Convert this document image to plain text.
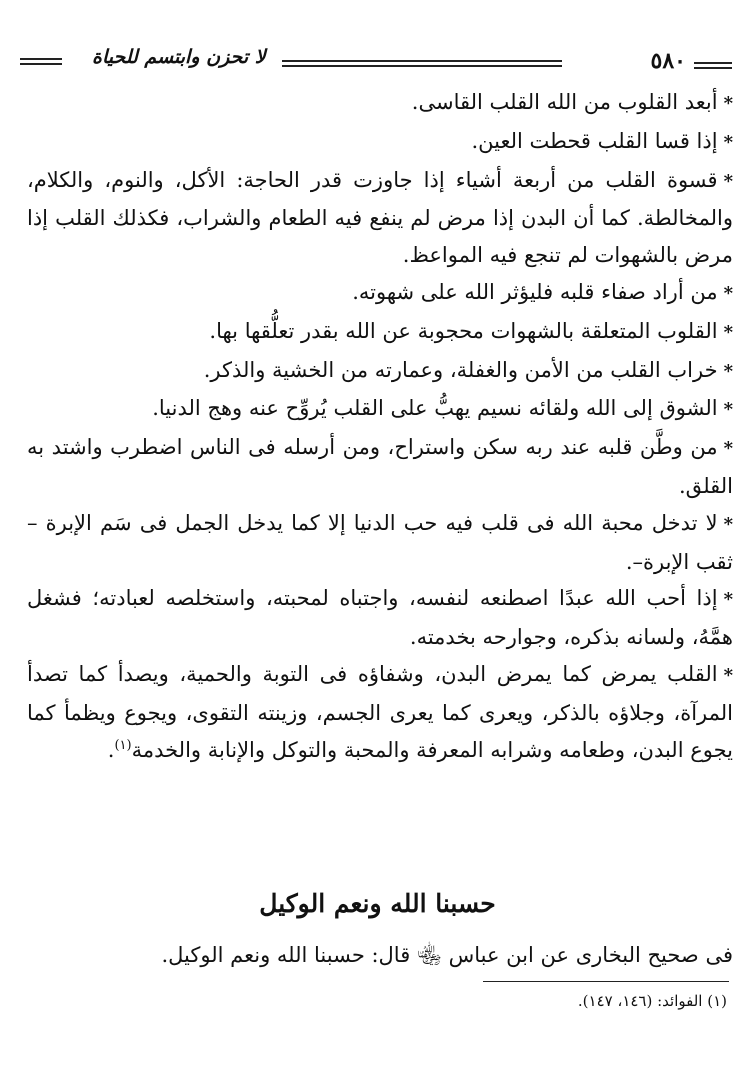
لا تحزن وابتسم للحياة	٥٨٠

*أبعد القلوب من الله القلب القاسى.

*إذا قسا القلب قحطت العين.

*قسوة القلب من أربعة أشياء إذا جاوزت قدر الحاجة: الأكل، والنوم، والكلام، والمخالطة. كما أن البدن إذا مرض لم ينفع فيه الطعام والشراب، فكذلك القلب إذا مرض بالشهوات لم تنجع فيه المواعظ.

*من أراد صفاء قلبه فليؤثر الله على شهوته.

*القلوب المتعلقة بالشهوات محجوبة عن الله بقدر تعلُّقها بها.

*خراب القلب من الأمن والغفلة، وعمارته من الخشية والذكر.

*الشوق إلى الله ولقائه نسيم يهبُّ على القلب يُروِّح عنه وهج الدنيا.

*من وطَّن قلبه عند ربه سكن واستراح، ومن أرسله فى الناس اضطرب واشتد به القلق.

*لا تدخل محبة الله فى قلب فيه حب الدنيا إلا كما يدخل الجمل فى سَم الإبرة – ثقب الإبرة–.

*إذا أحب الله عبدًا اصطنعه لنفسه، واجتباه لمحبته، واستخلصه لعبادته؛ فشغل همَّهُ، ولسانه بذكره، وجوارحه بخدمته.

*القلب يمرض كما يمرض البدن، وشفاؤه فى التوبة والحمية، ويصدأ كما تصدأ المرآة، وجلاؤه بالذكر، ويعرى كما يعرى الجسم، وزينته التقوى، ويجوع ويظمأ كما يجوع البدن، وطعامه وشرابه المعرفة والمحبة والتوكل والإنابة والخدمة$^{(١)}$.

حسبنا الله ونعم الوكيل
فى صحيح البخارى عن ابن عباس ﵄ قال: حسبنا الله ونعم الوكيل.
(١) الفوائد: (١٤٦، ١٤٧).
